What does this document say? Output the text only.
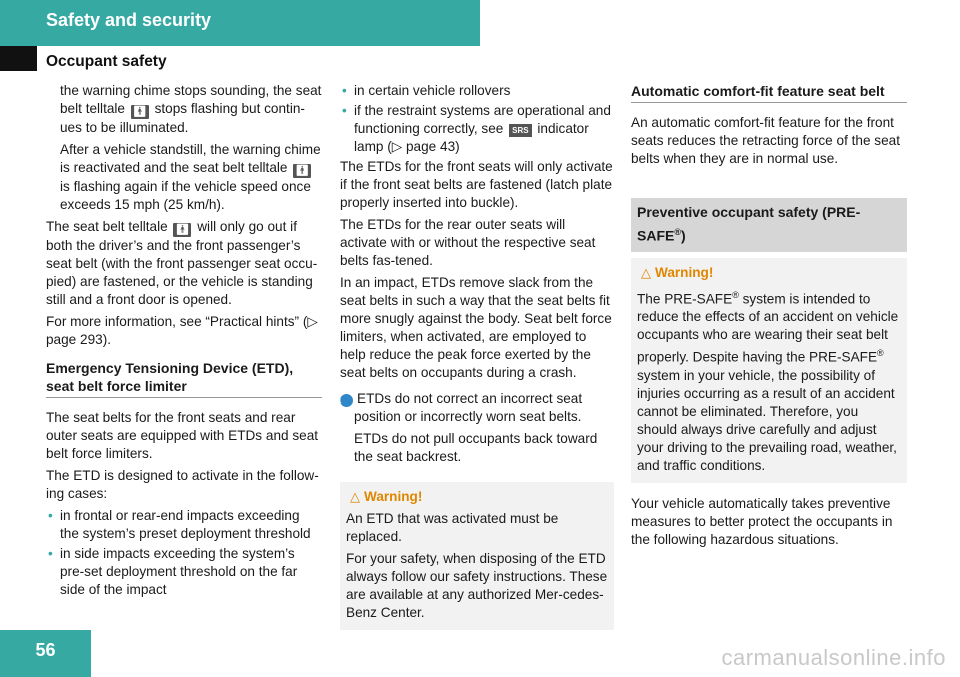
Safety and security
Occupant safety

the warning chime stops sounding, the seat belt telltale 🚹︎ stops flashing but contin-ues to be illuminated.

After a vehicle standstill, the warning chime is reactivated and the seat belt telltale 🚹︎ is flashing again if the vehicle speed once exceeds 15 mph (25 km/h).

The seat belt telltale 🚹︎ will only go out if both the driver’s and the front passenger’s seat belt (with the front passenger seat occu-pied) are fastened, or the vehicle is standing still and a front door is opened.

For more information, see “Practical hints” (▷ page 293).

Emergency Tensioning Device (ETD), seat belt force limiter

The seat belts for the front seats and rear outer seats are equipped with ETDs and seat belt force limiters.

The ETD is designed to activate in the follow-ing cases:

• in frontal or rear-end impacts exceeding the system’s preset deployment threshold
• in side impacts exceeding the system’s pre-set deployment threshold on the far side of the impact
• in certain vehicle rollovers
• if the restraint systems are operational and functioning correctly, see SRS indicator lamp (▷ page 43)

The ETDs for the front seats will only activate if the front seat belts are fastened (latch plate properly inserted into buckle).

The ETDs for the rear outer seats will activate with or without the respective seat belts fas-tened.

In an impact, ETDs remove slack from the seat belts in such a way that the seat belts fit more snugly against the body. Seat belt force limiters, when activated, are employed to help reduce the peak force exerted by the seat belts on occupants during a crash.

i ETDs do not correct an incorrect seat position or incorrectly worn seat belts.

ETDs do not pull occupants back toward the seat backrest.

△ Warning!

An ETD that was activated must be replaced.

For your safety, when disposing of the ETD always follow our safety instructions. These are available at any authorized Mer-cedes-Benz Center.

Automatic comfort-fit feature seat belt

An automatic comfort-fit feature for the front seats reduces the retracting force of the seat belts when they are in normal use.

Preventive occupant safety (PRE-SAFE®)
△ Warning!

The PRE-SAFE® system is intended to reduce the effects of an accident on vehicle occupants who are wearing their seat belt properly. Despite having the PRE-SAFE® system in your vehicle, the possibility of injuries occurring as a result of an accident cannot be eliminated. Therefore, you should always drive carefully and adjust your driving to the prevailing road, weather, and traffic conditions.

Your vehicle automatically takes preventive measures to better protect the occupants in the following hazardous situations.

56	carmanualsonline.info
